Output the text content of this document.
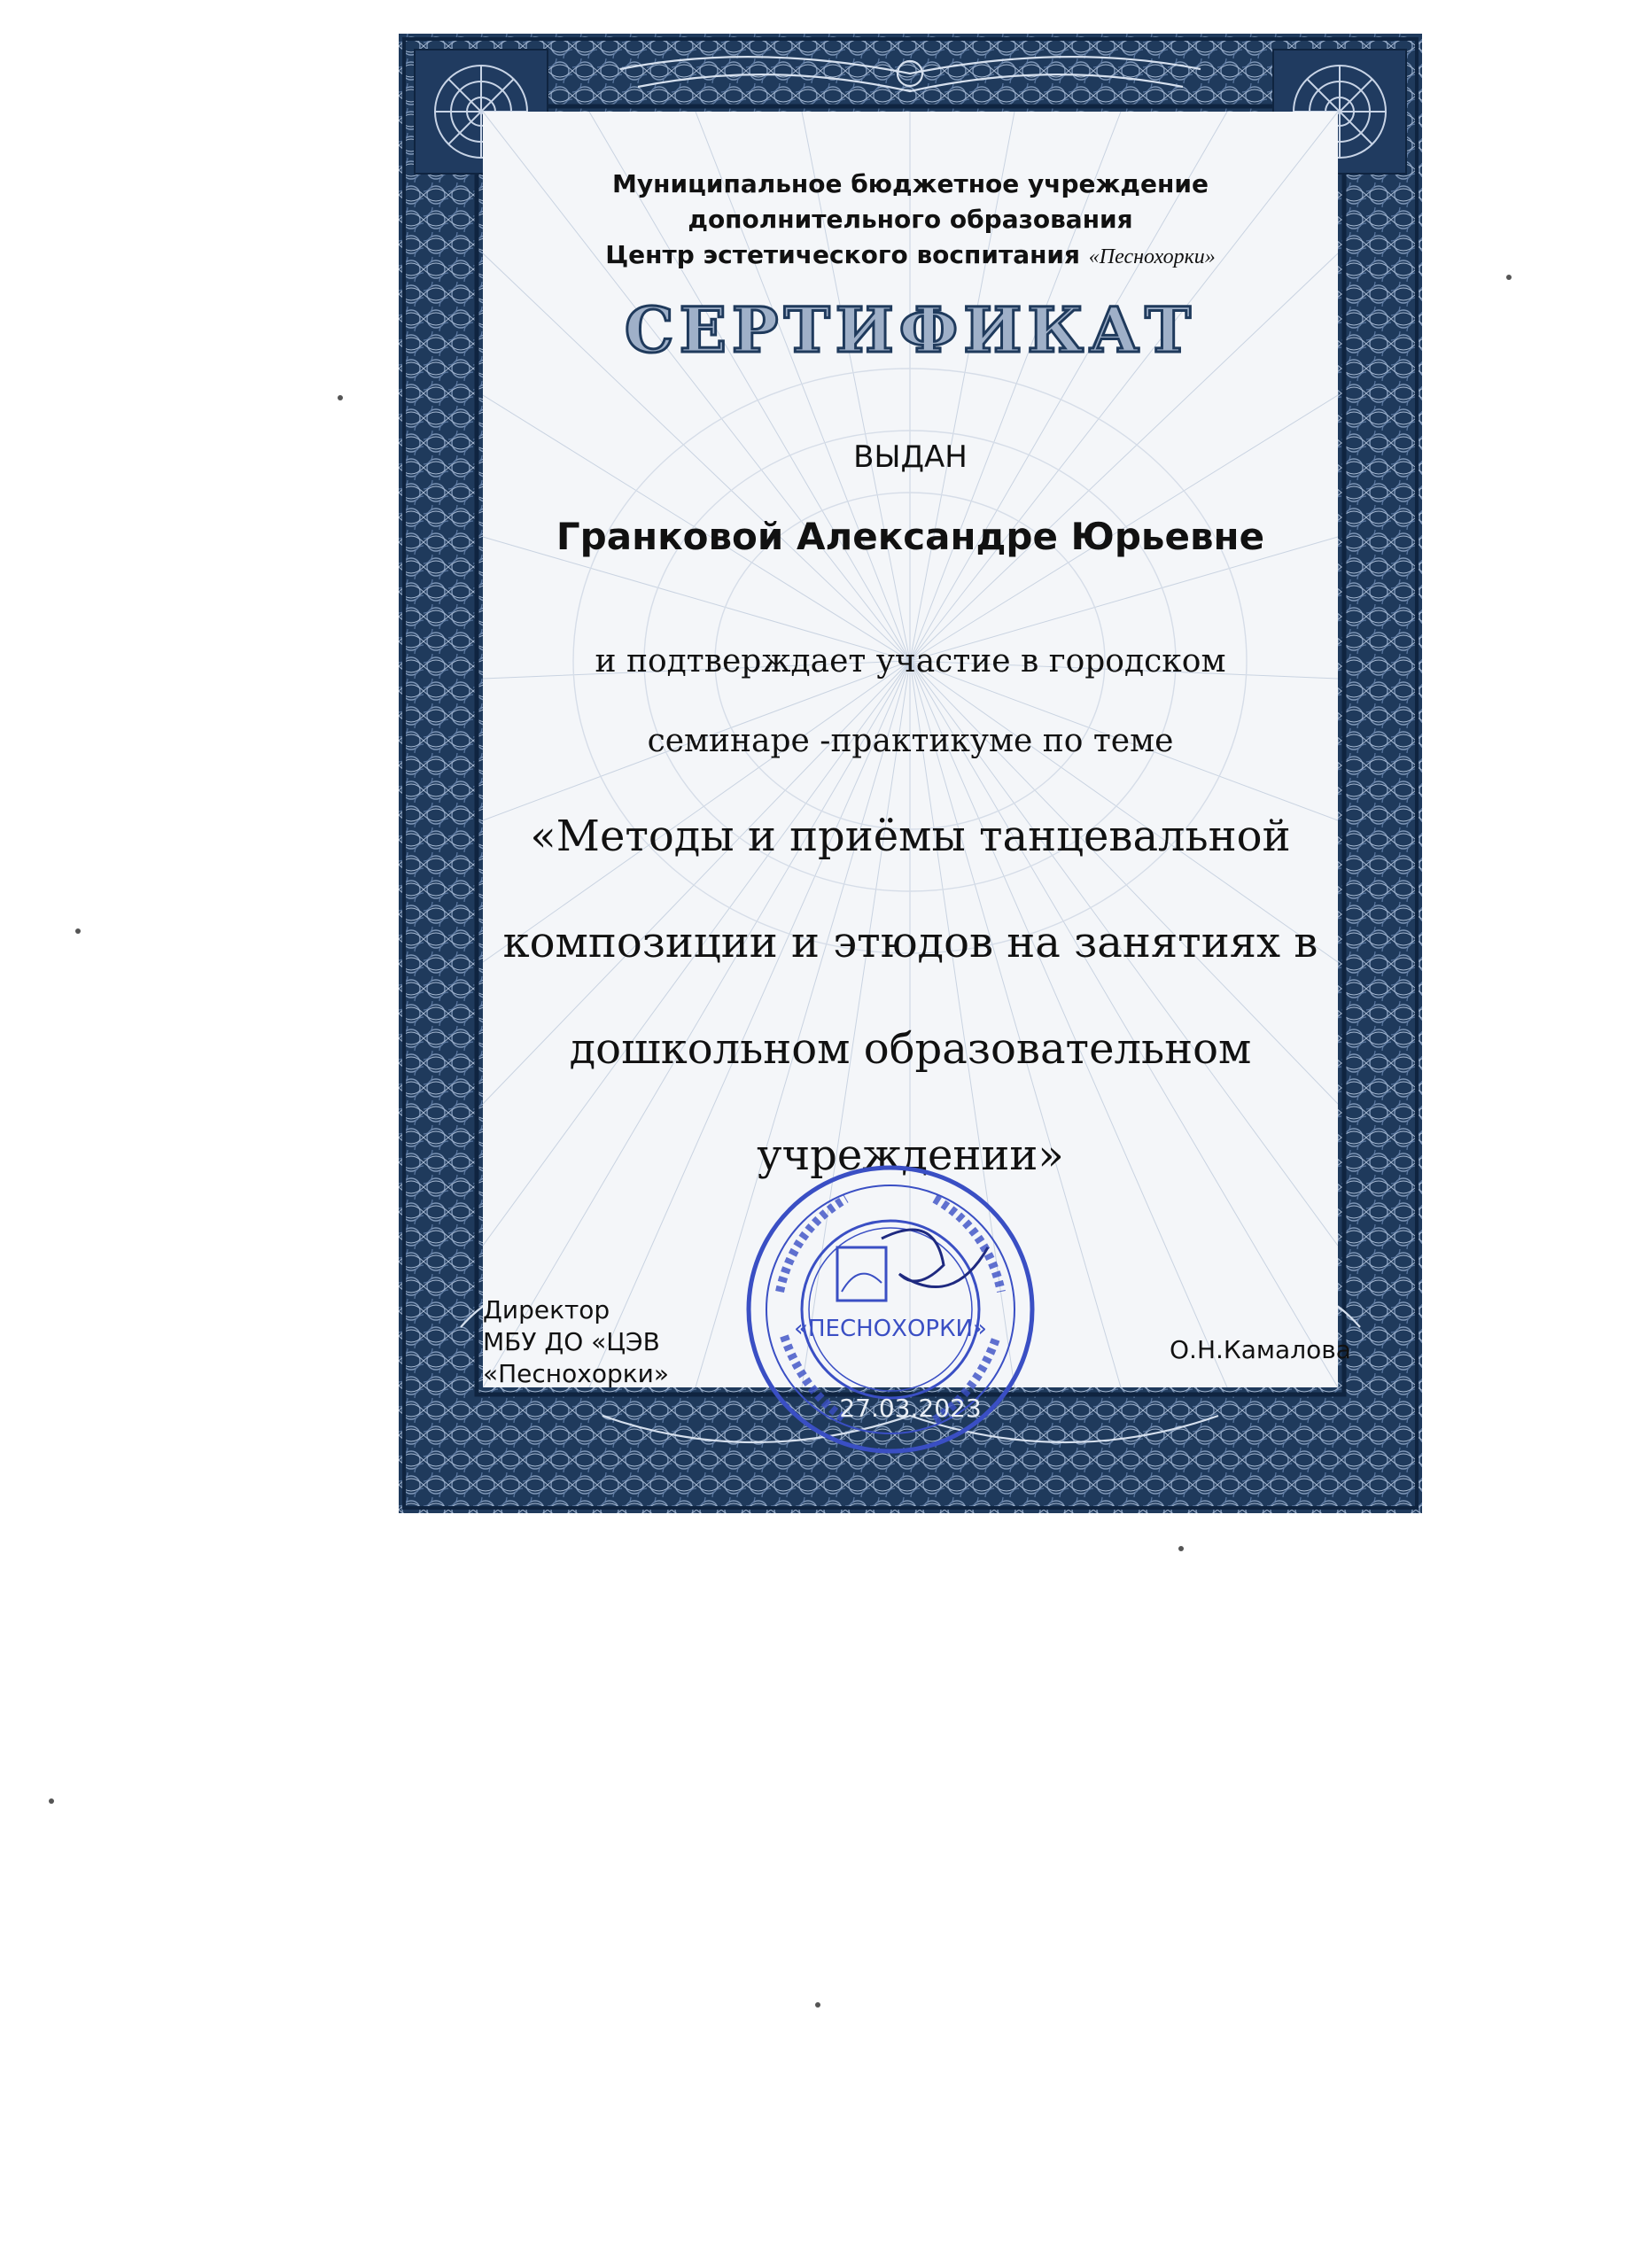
Муниципальное бюджетное учреждение
дополнительного образования
Центр эстетического воспитания «Песнохорки»
СЕРТИФИКАТ
ВЫДАН
Гранковой Александре Юрьевне
и подтверждает участие в городском
семинаре -практикуме по теме
«Методы и приёмы танцевальной
композиции и этюдов на занятиях в
дошкольном образовательном
учреждении»
Директор
МБУ ДО «ЦЭВ
«Песнохорки»
О.Н.Камалова
«ПЕСНОХОРКИ»
27.03.2023
